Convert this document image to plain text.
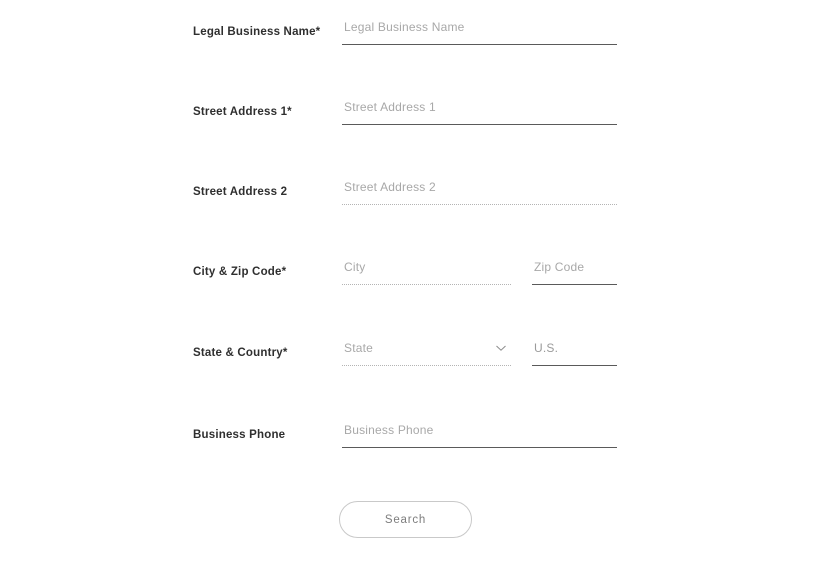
Legal Business Name*
Legal Business Name
Street Address 1*
Street Address 1
Street Address 2
Street Address 2
City & Zip Code*
City
Zip Code
State & Country*
State
U.S.
Business Phone
Business Phone
Search
